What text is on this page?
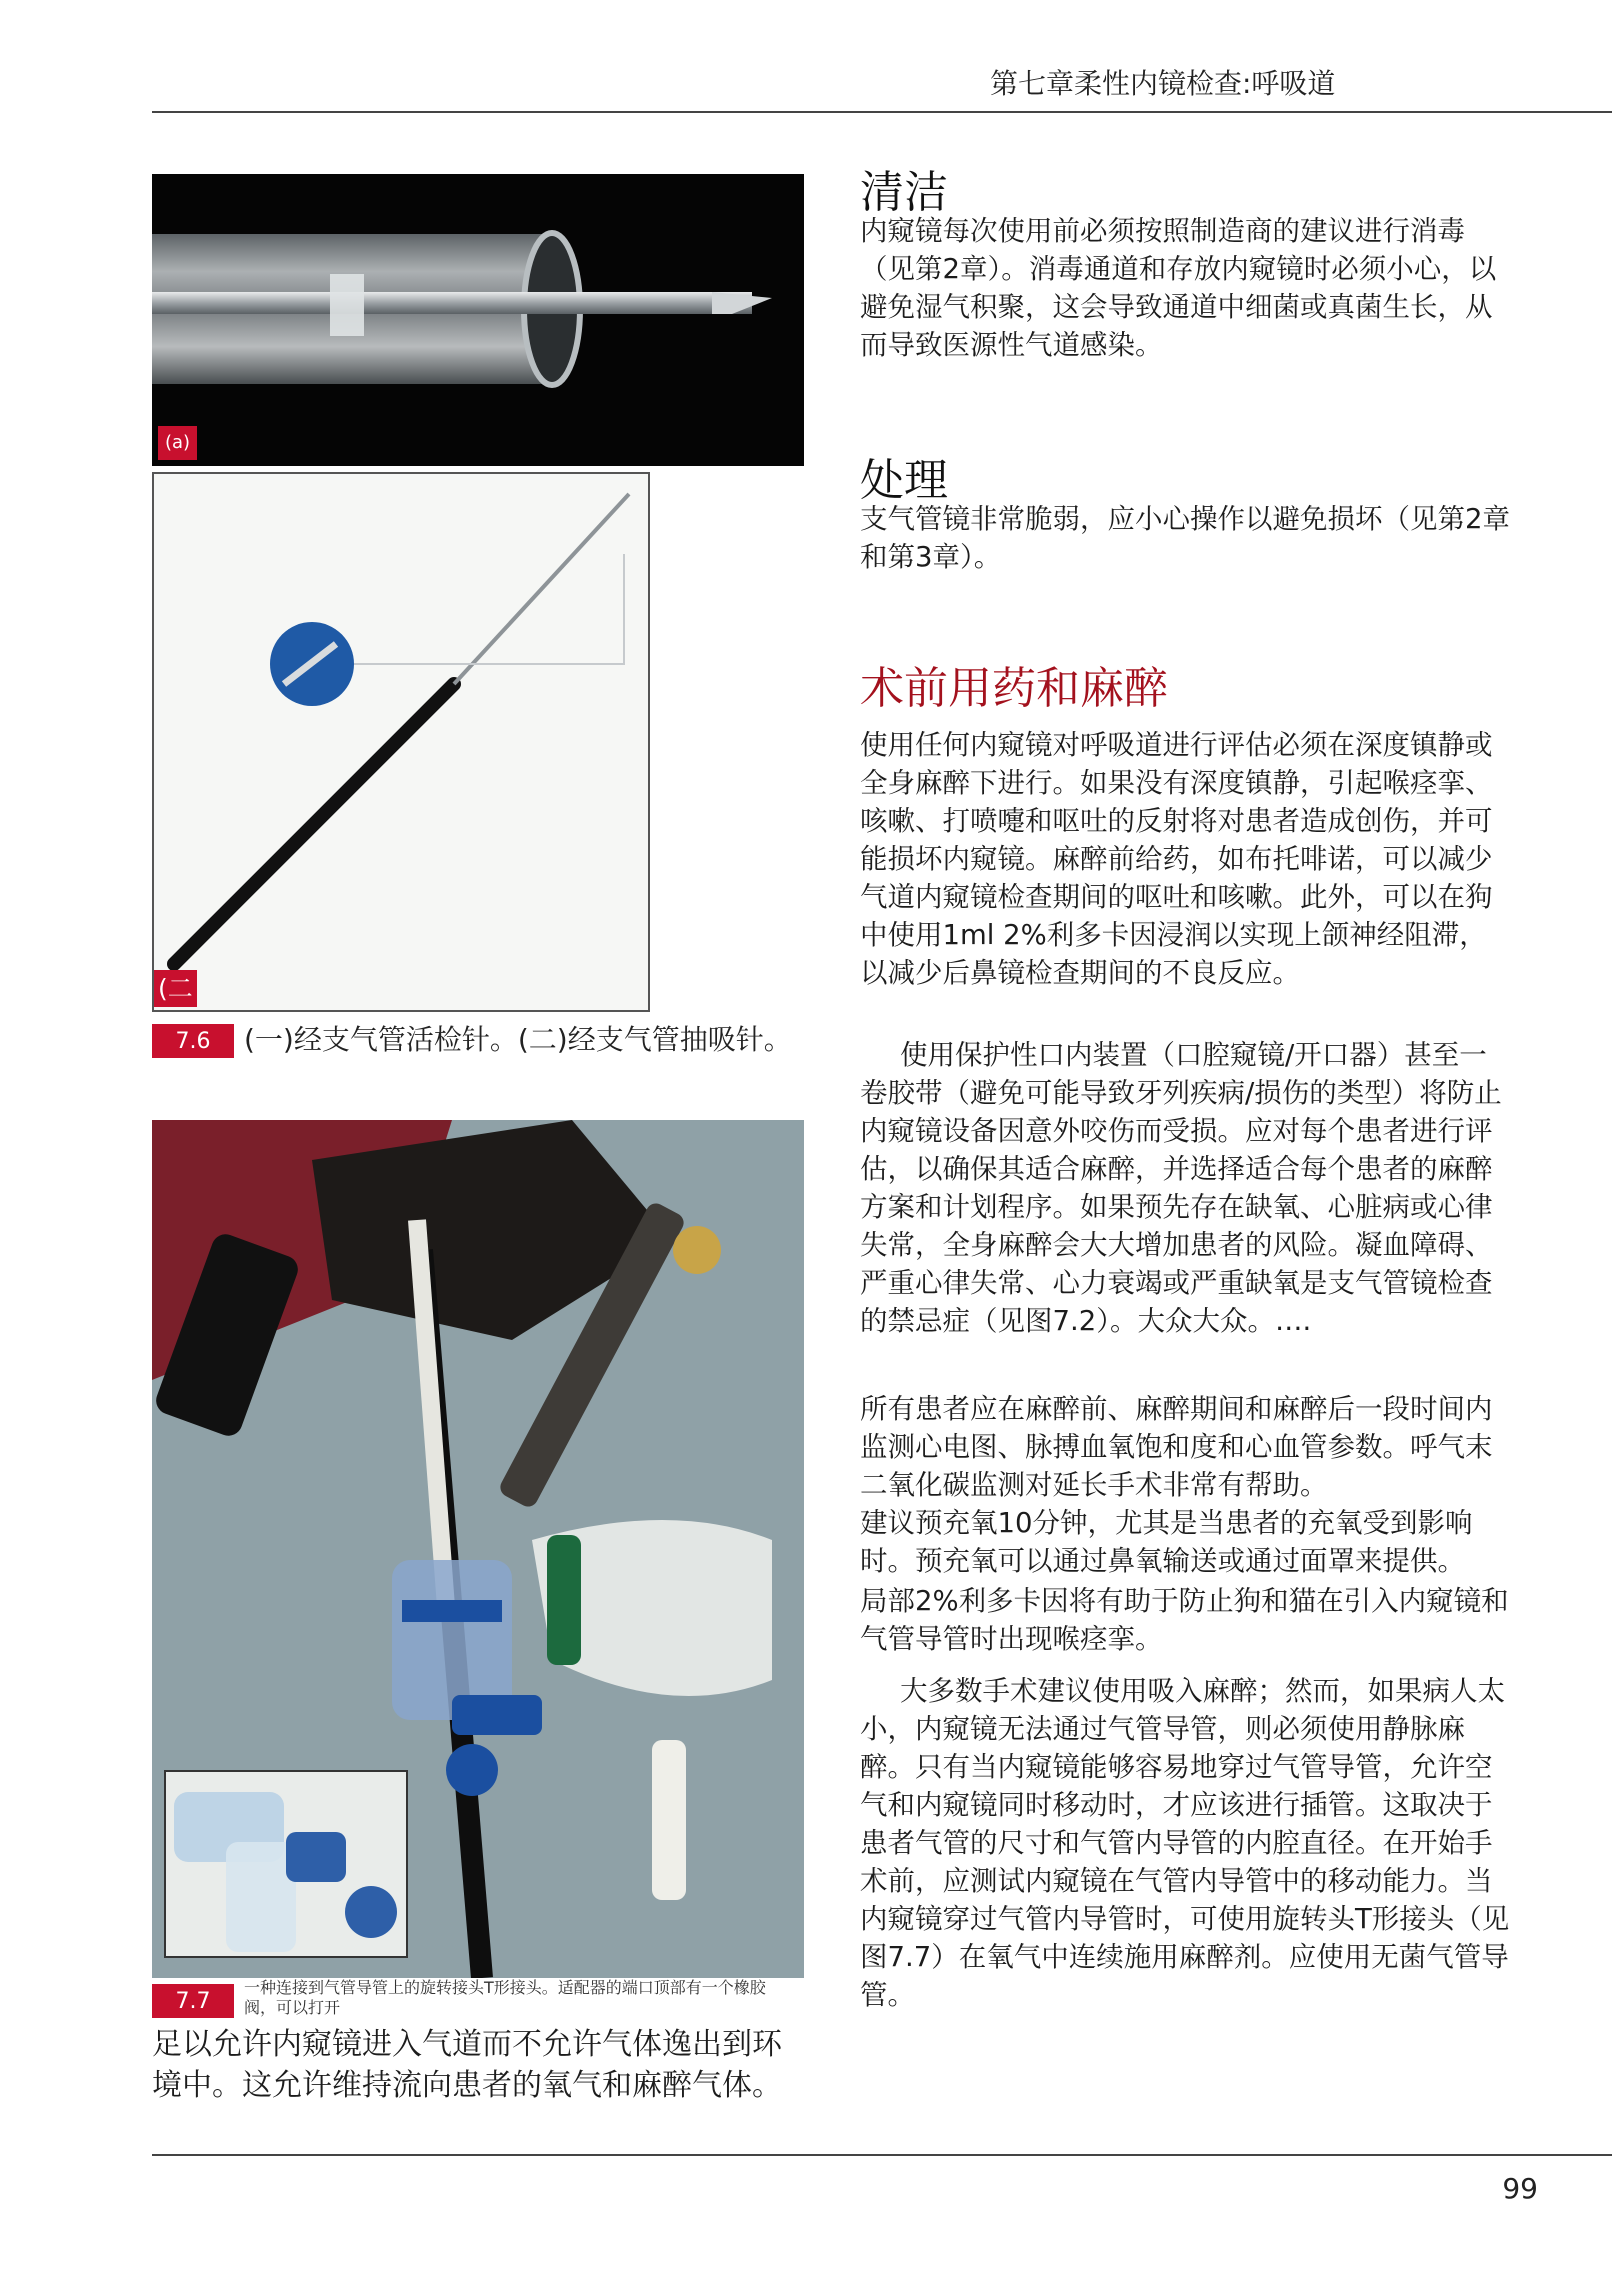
第七章柔性内镜检查:呼吸道
(a)
(二
7.6	(一)经支气管活检针。(二)经支气管抽吸针。
7.7
一种连接到气管导管上的旋转接头T形接头。适配器的端口顶部有一个橡胶阀，可以打开
足以允许内窥镜进入气道而不允许气体逸出到环境中。这允许维持流向患者的氧气和麻醉气体。
清洁

内窥镜每次使用前必须按照制造商的建议进行消毒（见第2章）。消毒通道和存放内窥镜时必须小心，以避免湿气积聚，这会导致通道中细菌或真菌生长，从而导致医源性气道感染。

处理

支气管镜非常脆弱，应小心操作以避免损坏（见第2章和第3章）。

术前用药和麻醉

使用任何内窥镜对呼吸道进行评估必须在深度镇静或全身麻醉下进行。如果没有深度镇静，引起喉痉挛、咳嗽、打喷嚏和呕吐的反射将对患者造成创伤，并可能损坏内窥镜。麻醉前给药，如布托啡诺，可以减少气道内窥镜检查期间的呕吐和咳嗽。此外，可以在狗中使用1ml 2%利多卡因浸润以实现上颌神经阻滞，以减少后鼻镜检查期间的不良反应。

使用保护性口内装置（口腔窥镜/开口器）甚至一卷胶带（避免可能导致牙列疾病/损伤的类型）将防止内窥镜设备因意外咬伤而受损。应对每个患者进行评估，以确保其适合麻醉，并选择适合每个患者的麻醉方案和计划程序。如果预先存在缺氧、心脏病或心律失常，全身麻醉会大大增加患者的风险。凝血障碍、严重心律失常、心力衰竭或严重缺氧是支气管镜检查的禁忌症（见图7.2）。大众大众。….

所有患者应在麻醉前、麻醉期间和麻醉后一段时间内监测心电图、脉搏血氧饱和度和心血管参数。呼气末二氧化碳监测对延长手术非常有帮助。

建议预充氧10分钟，尤其是当患者的充氧受到影响时。预充氧可以通过鼻氧输送或通过面罩来提供。

局部2%利多卡因将有助于防止狗和猫在引入内窥镜和气管导管时出现喉痉挛。

大多数手术建议使用吸入麻醉；然而，如果病人太小，内窥镜无法通过气管导管，则必须使用静脉麻醉。只有当内窥镜能够容易地穿过气管导管，允许空气和内窥镜同时移动时，才应该进行插管。这取决于患者气管的尺寸和气管内导管的内腔直径。在开始手术前，应测试内窥镜在气管内导管中的移动能力。当内窥镜穿过气管内导管时，可使用旋转头T形接头（见图7.7）在氧气中连续施用麻醉剂。应使用无菌气管导管。

99
